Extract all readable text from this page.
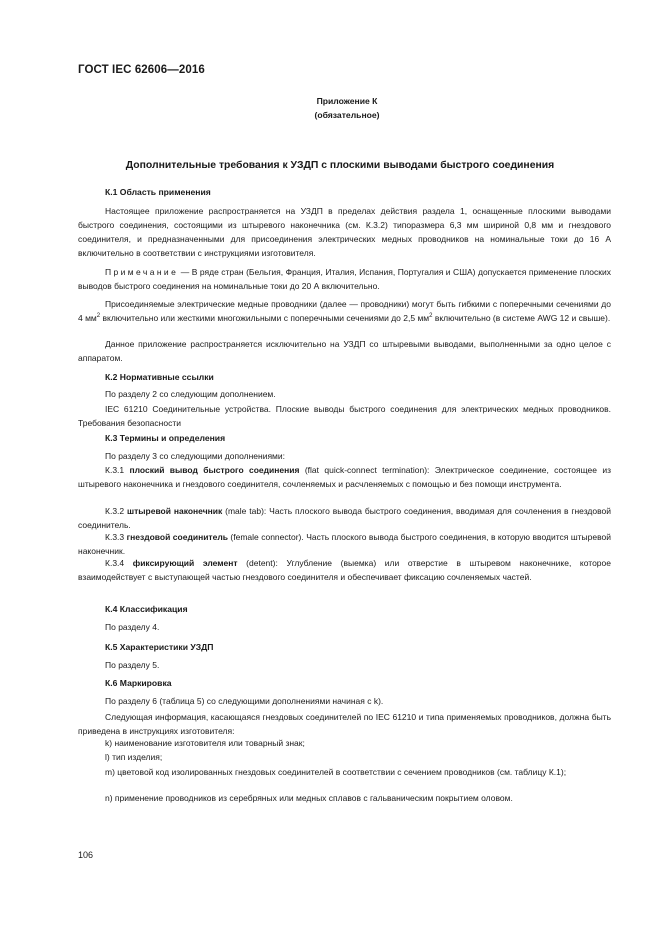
ГОСТ IEC 62606—2016
Приложение К
(обязательное)
Дополнительные требования к УЗДП с плоскими выводами быстрого соединения
К.1 Область применения
Настоящее приложение распространяется на УЗДП в пределах действия раздела 1, оснащенные плоскими выводами быстрого соединения, состоящими из штыревого наконечника (см. К.3.2) типоразмера 6,3 мм шириной 0,8 мм и гнездового соединителя, и предназначенными для присоединения электрических медных проводников на номинальные токи до 16 А включительно в соответствии с инструкциями изготовителя.
Примечание — В ряде стран (Бельгия, Франция, Италия, Испания, Португалия и США) допускается применение плоских выводов быстрого соединения на номинальные токи до 20 А включительно.
Присоединяемые электрические медные проводники (далее — проводники) могут быть гибкими с поперечными сечениями до 4 $мм^2$ включительно или жесткими многожильными с поперечными сечениями до 2,5 $мм^2$ включительно (в системе AWG 12 и свыше).
Данное приложение распространяется исключительно на УЗДП со штыревыми выводами, выполненными за одно целое с аппаратом.
К.2 Нормативные ссылки
По разделу 2 со следующим дополнением.
IEC 61210 Соединительные устройства. Плоские выводы быстрого соединения для электрических медных проводников. Требования безопасности
К.3 Термины и определения
По разделу 3 со следующими дополнениями:
К.3.1 плоский вывод быстрого соединения (flat quick-connect termination): Электрическое соединение, состоящее из штыревого наконечника и гнездового соединителя, сочленяемых и расчленяемых с помощью и без помощи инструмента.
К.3.2 штыревой наконечник (male tab): Часть плоского вывода быстрого соединения, вводимая для сочленения в гнездовой соединитель.
К.3.3 гнездовой соединитель (female connector). Часть плоского вывода быстрого соединения, в которую вводится штыревой наконечник.
К.3.4 фиксирующий элемент (detent): Углубление (выемка) или отверстие в штыревом наконечнике, которое взаимодействует с выступающей частью гнездового соединителя и обеспечивает фиксацию сочленяемых частей.
К.4 Классификация
По разделу 4.
К.5 Характеристики УЗДП
По разделу 5.
К.6 Маркировка
По разделу 6 (таблица 5) со следующими дополнениями начиная с k).
Следующая информация, касающаяся гнездовых соединителей по IEC 61210 и типа применяемых проводников, должна быть приведена в инструкциях изготовителя:
k) наименование изготовителя или товарный знак;
l) тип изделия;
m) цветовой код изолированных гнездовых соединителей в соответствии с сечением проводников (см. таблицу К.1);
n) применение проводников из серебряных или медных сплавов с гальваническим покрытием оловом.
106
